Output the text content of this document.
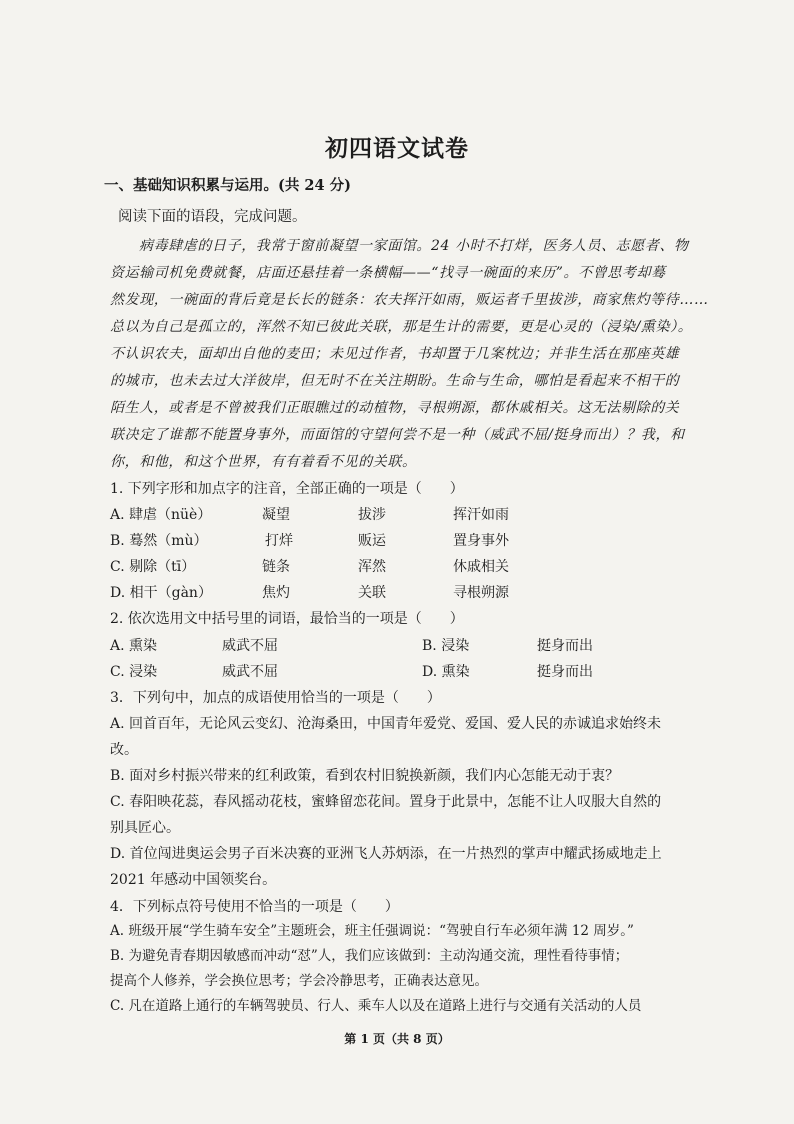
初四语文试卷
一、基础知识积累与运用。(共 24 分)
阅读下面的语段，完成问题。
病毒肆虐的日子，我常于窗前凝望一家面馆。24 小时不打烊，医务人员、志愿者、物
资运输司机免费就餐，店面还悬挂着一条横幅——“找寻一碗面的来历”。不曾思考却蓦
然发现，一碗面的背后竟是长长的链条：农夫挥汗如雨，贩运者千里拔涉，商家焦灼等待……
总以为自己是孤立的，浑然不知已彼此关联，那是生计的需要，更是心灵的（浸染/熏染）。
不认识农夫，面却出自他的麦田；未见过作者，书却置于几案枕边；并非生活在那座英雄
的城市，也未去过大洋彼岸，但无时不在关注期盼。生命与生命，哪怕是看起来不相干的
陌生人，或者是不曾被我们正眼瞧过的动植物，寻根朔源，都休戚相关。这无法剔除的关
联决定了谁都不能置身事外，而面馆的守望何尝不是一种（威武不屈/挺身而出）？我，和
你，和他，和这个世界，有有着看不见的关联。
1. 下列字形和加点字的注音，全部正确的一项是（　　）
A. 肆虐（nüè）	凝望	拔涉	挥汗如雨
B. 蓦然（mù）	打烊	贩运	置身事外
C. 剔除（tī）	链条	浑然	休戚相关
D. 相干（gàn）	焦灼	关联	寻根朔源
2. 依次选用文中括号里的词语，最恰当的一项是（　　）
A. 熏染	威武不屈	B. 浸染	挺身而出
C. 浸染	威武不屈	D. 熏染	挺身而出
3．下列句中，加点的成语使用恰当的一项是（　　）
A. 回首百年，无论风云变幻、沧海桑田，中国青年爱党、爱国、爱人民的赤诚追求始终未
改。
B. 面对乡村振兴带来的红利政策，看到农村旧貌换新颜，我们内心怎能无动于衷？
C. 春阳映花蕊，春风摇动花枝，蜜蜂留恋花间。置身于此景中，怎能不让人叹服大自然的
别具匠心。
D. 首位闯进奥运会男子百米决赛的亚洲飞人苏炳添，在一片热烈的掌声中耀武扬威地走上
2021 年感动中国领奖台。
4．下列标点符号使用不恰当的一项是（　　）
A. 班级开展“学生骑车安全”主题班会，班主任强调说：“驾驶自行车必须年满 12 周岁。”
B. 为避免青春期因敏感而冲动“怼”人，我们应该做到：主动沟通交流，理性看待事情；
提高个人修养，学会换位思考；学会冷静思考，正确表达意见。
C. 凡在道路上通行的车辆驾驶员、行人、乘车人以及在道路上进行与交通有关活动的人员
第 1 页（共 8 页）
